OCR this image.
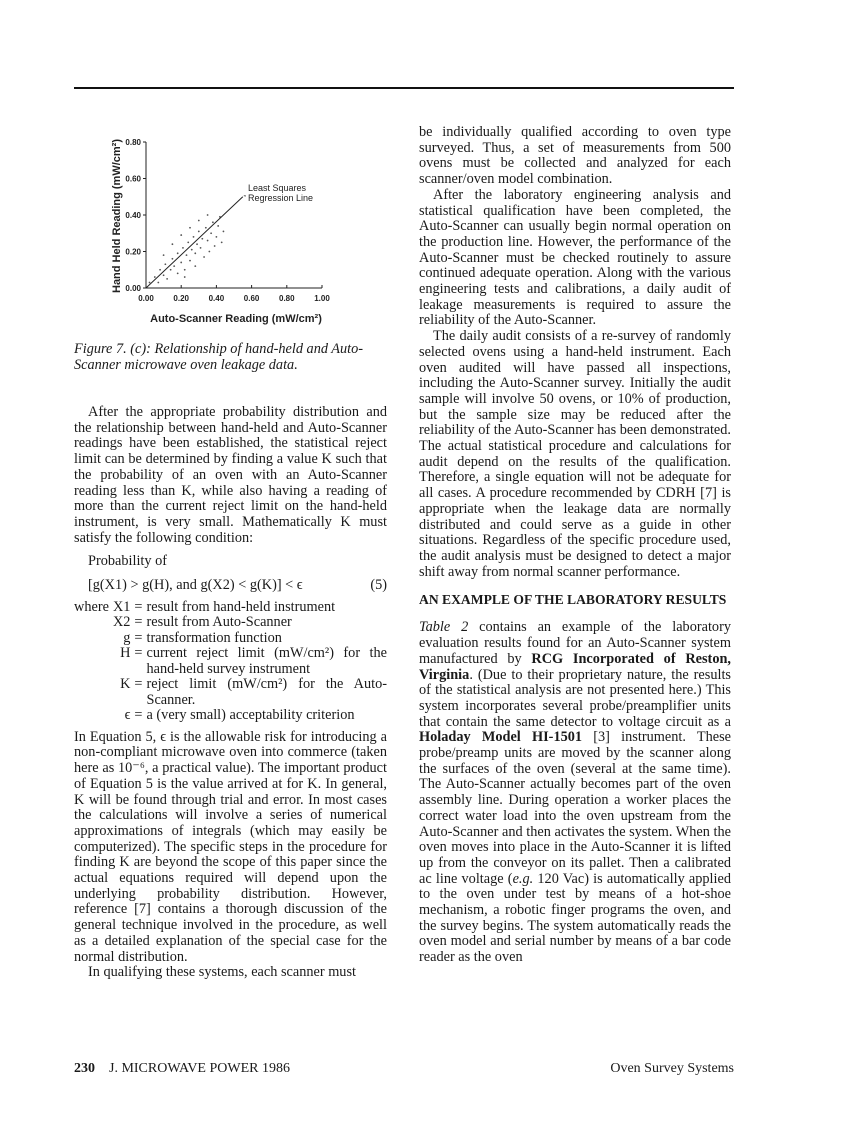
Hand Held Reading (mW/cm²) 0.80
0.60
0.40
0.20
0.00
0.00 0.20 0.40 0.60 0.80 1.00
Least Squares
Regression Line
Auto-Scanner Reading (mW/cm²)
Figure 7. (c): Relationship of hand-held and Auto-Scanner microwave oven leakage data.

After the appropriate probability distribution and the relationship between hand-held and Auto-Scanner readings have been established, the statistical reject limit can be determined by finding a value K such that the probability of an oven with an Auto-Scanner reading less than K, while also having a reading of more than the current reject limit on the hand-held instrument, is very small. Mathematically K must satisfy the following condition:

Probability of

[g(X1) > g(H), and g(X2) < g(K)] < ϵ	(5)
where	X1	=	result from hand-held instrument
	X2	=	result from Auto-Scanner
	g	=	transformation function
	H	=	current reject limit (mW/cm²) for the hand-held survey instrument
	K	=	reject limit (mW/cm²) for the Auto-Scanner.
	ϵ	=	a (very small) acceptability criterion

In Equation 5, ϵ is the allowable risk for introducing a non-compliant microwave oven into commerce (taken here as 10⁻⁶, a practical value). The important product of Equation 5 is the value arrived at for K. In general, K will be found through trial and error. In most cases the calculations will involve a series of numerical approximations of integrals (which may easily be computerized). The specific steps in the procedure for finding K are beyond the scope of this paper since the actual equations required will depend upon the underlying probability distribution. However, reference [7] contains a thorough discussion of the general technique involved in the procedure, as well as a detailed explanation of the special case for the normal distribution.

In qualifying these systems, each scanner must

be individually qualified according to oven type surveyed. Thus, a set of measurements from 500 ovens must be collected and analyzed for each scanner/oven model combination.

After the laboratory engineering analysis and statistical qualification have been completed, the Auto-Scanner can usually begin normal operation on the production line. However, the performance of the Auto-Scanner must be checked routinely to assure continued adequate operation. Along with the various engineering tests and calibrations, a daily audit of leakage measurements is required to assure the reliability of the Auto-Scanner.

The daily audit consists of a re-survey of randomly selected ovens using a hand-held instrument. Each oven audited will have passed all inspections, including the Auto-Scanner survey. Initially the audit sample will involve 50 ovens, or 10% of production, but the sample size may be reduced after the reliability of the Auto-Scanner has been demonstrated. The actual statistical procedure and calculations for audit depend on the results of the qualification. Therefore, a single equation will not be adequate for all cases. A procedure recommended by CDRH [7] is appropriate when the leakage data are normally distributed and could serve as a guide in other situations. Regardless of the specific procedure used, the audit analysis must be designed to detect a major shift away from normal scanner performance.

AN EXAMPLE OF THE LABORATORY RESULTS

Table 2 contains an example of the laboratory evaluation results found for an Auto-Scanner system manufactured by RCG Incorporated of Reston, Virginia. (Due to their proprietary nature, the results of the statistical analysis are not presented here.) This system incorporates several probe/preamplifier units that contain the same detector to voltage circuit as a Holaday Model HI-1501 [3] instrument. These probe/preamp units are moved by the scanner along the surfaces of the oven (several at the same time). The Auto-Scanner actually becomes part of the oven assembly line. During operation a worker places the correct water load into the oven upstream from the Auto-Scanner and then activates the system. When the oven moves into place in the Auto-Scanner it is lifted up from the conveyor on its pallet. Then a calibrated ac line voltage (e.g. 120 Vac) is automatically applied to the oven under test by means of a hot-shoe mechanism, a robotic finger programs the oven, and the survey begins. The system automatically reads the oven model and serial number by means of a bar code reader as the oven

230 J. MICROWAVE POWER 1986	Oven Survey Systems
